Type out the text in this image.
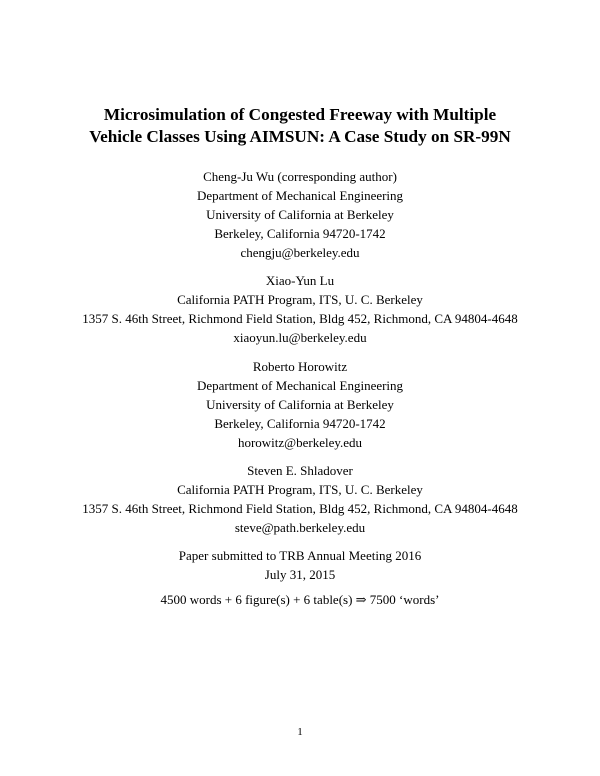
Microsimulation of Congested Freeway with Multiple
Vehicle Classes Using AIMSUN: A Case Study on SR-99N
Cheng-Ju Wu (corresponding author)
Department of Mechanical Engineering
University of California at Berkeley
Berkeley, California 94720-1742
chengju@berkeley.edu
Xiao-Yun Lu
California PATH Program, ITS, U. C. Berkeley
1357 S. 46th Street, Richmond Field Station, Bldg 452, Richmond, CA 94804-4648
xiaoyun.lu@berkeley.edu
Roberto Horowitz
Department of Mechanical Engineering
University of California at Berkeley
Berkeley, California 94720-1742
horowitz@berkeley.edu
Steven E. Shladover
California PATH Program, ITS, U. C. Berkeley
1357 S. 46th Street, Richmond Field Station, Bldg 452, Richmond, CA 94804-4648
steve@path.berkeley.edu
Paper submitted to TRB Annual Meeting 2016
July 31, 2015
4500 words + 6 figure(s) + 6 table(s) ⇒ 7500 ‘words’
1
